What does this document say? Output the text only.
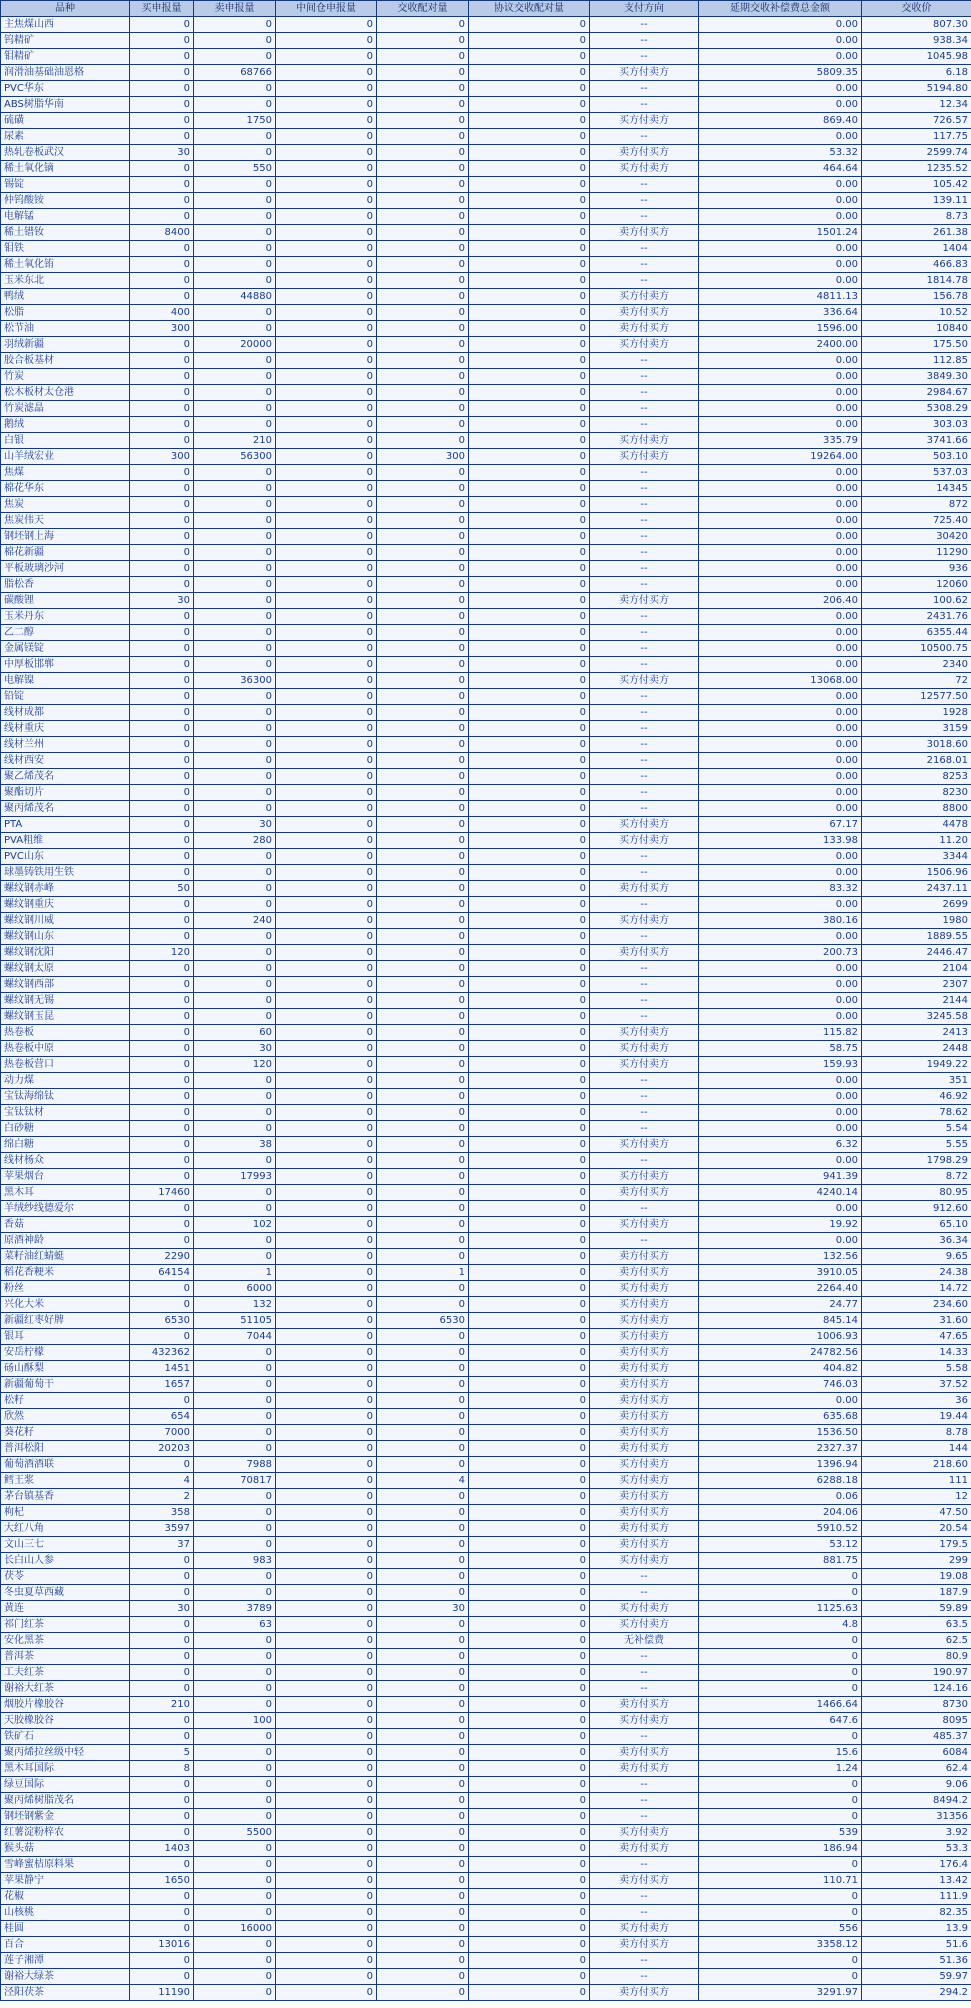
品种	买申报量	卖申报量	中间仓申报量	交收配对量	协议交收配对量	支付方向	延期交收补偿费总金额	交收价
主焦煤山西	0	0	0	0	0	--	0.00	807.30
钨精矿	0	0	0	0	0	--	0.00	938.34
钼精矿	0	0	0	0	0	--	0.00	1045.98
润滑油基础油恩格	0	68766	0	0	0	买方付卖方	5809.35	6.18
PVC华东	0	0	0	0	0	--	0.00	5194.80
ABS树脂华南	0	0	0	0	0	--	0.00	12.34
硫磺	0	1750	0	0	0	买方付卖方	869.40	726.57
尿素	0	0	0	0	0	--	0.00	117.75
热轧卷板武汉	30	0	0	0	0	卖方付买方	53.32	2599.74
稀土氧化镝	0	550	0	0	0	买方付卖方	464.64	1235.52
锡锭	0	0	0	0	0	--	0.00	105.42
仲钨酸铵	0	0	0	0	0	--	0.00	139.11
电解锰	0	0	0	0	0	--	0.00	8.73
稀土镨钕	8400	0	0	0	0	卖方付买方	1501.24	261.38
钼铁	0	0	0	0	0	--	0.00	1404
稀土氧化铕	0	0	0	0	0	--	0.00	466.83
玉米东北	0	0	0	0	0	--	0.00	1814.78
鸭绒	0	44880	0	0	0	买方付卖方	4811.13	156.78
松脂	400	0	0	0	0	卖方付买方	336.64	10.52
松节油	300	0	0	0	0	卖方付买方	1596.00	10840
羽绒新疆	0	20000	0	0	0	买方付卖方	2400.00	175.50
胶合板基材	0	0	0	0	0	--	0.00	112.85
竹炭	0	0	0	0	0	--	0.00	3849.30
松木板材太仓港	0	0	0	0	0	--	0.00	2984.67
竹炭滤晶	0	0	0	0	0	--	0.00	5308.29
鹅绒	0	0	0	0	0	--	0.00	303.03
白银	0	210	0	0	0	买方付卖方	335.79	3741.66
山羊绒宏业	300	56300	0	300	0	买方付卖方	19264.00	503.10
焦煤	0	0	0	0	0	--	0.00	537.03
棉花华东	0	0	0	0	0	--	0.00	14345
焦炭	0	0	0	0	0	--	0.00	872
焦炭伟天	0	0	0	0	0	--	0.00	725.40
钢坯钢上海	0	0	0	0	0	--	0.00	30420
棉花新疆	0	0	0	0	0	--	0.00	11290
平板玻璃沙河	0	0	0	0	0	--	0.00	936
脂松香	0	0	0	0	0	--	0.00	12060
碳酸锂	30	0	0	0	0	卖方付买方	206.40	100.62
玉米丹东	0	0	0	0	0	--	0.00	2431.76
乙二醇	0	0	0	0	0	--	0.00	6355.44
金属镁锭	0	0	0	0	0	--	0.00	10500.75
中厚板邯郸	0	0	0	0	0	--	0.00	2340
电解镍	0	36300	0	0	0	买方付卖方	13068.00	72
铅锭	0	0	0	0	0	--	0.00	12577.50
线材成都	0	0	0	0	0	--	0.00	1928
线材重庆	0	0	0	0	0	--	0.00	3159
线材兰州	0	0	0	0	0	--	0.00	3018.60
线材西安	0	0	0	0	0	--	0.00	2168.01
聚乙烯茂名	0	0	0	0	0	--	0.00	8253
聚酯切片	0	0	0	0	0	--	0.00	8230
聚丙烯茂名	0	0	0	0	0	--	0.00	8800
PTA	0	30	0	0	0	买方付卖方	67.17	4478
PVA粗维	0	280	0	0	0	买方付卖方	133.98	11.20
PVC山东	0	0	0	0	0	--	0.00	3344
球墨铸铁用生铁	0	0	0	0	0	--	0.00	1506.96
螺纹钢赤峰	50	0	0	0	0	卖方付买方	83.32	2437.11
螺纹钢重庆	0	0	0	0	0	--	0.00	2699
螺纹钢川威	0	240	0	0	0	买方付卖方	380.16	1980
螺纹钢山东	0	0	0	0	0	--	0.00	1889.55
螺纹钢沈阳	120	0	0	0	0	卖方付买方	200.73	2446.47
螺纹钢太原	0	0	0	0	0	--	0.00	2104
螺纹钢西部	0	0	0	0	0	--	0.00	2307
螺纹钢无锡	0	0	0	0	0	--	0.00	2144
螺纹钢玉昆	0	0	0	0	0	--	0.00	3245.58
热卷板	0	60	0	0	0	买方付卖方	115.82	2413
热卷板中原	0	30	0	0	0	买方付卖方	58.75	2448
热卷板营口	0	120	0	0	0	买方付卖方	159.93	1949.22
动力煤	0	0	0	0	0	--	0.00	351
宝钛海绵钛	0	0	0	0	0	--	0.00	46.92
宝钛钛材	0	0	0	0	0	--	0.00	78.62
白砂糖	0	0	0	0	0	--	0.00	5.54
绵白糖	0	38	0	0	0	买方付卖方	6.32	5.55
线材杨众	0	0	0	0	0	--	0.00	1798.29
苹果烟台	0	17993	0	0	0	买方付卖方	941.39	8.72
黑木耳	17460	0	0	0	0	卖方付买方	4240.14	80.95
羊绒纱线德爱尔	0	0	0	0	0	--	0.00	912.60
香菇	0	102	0	0	0	买方付卖方	19.92	65.10
原酒神龄	0	0	0	0	0	--	0.00	36.34
菜籽油红蜻蜓	2290	0	0	0	0	卖方付买方	132.56	9.65
稻花香粳米	64154	1	0	1	0	卖方付买方	3910.05	24.38
粉丝	0	6000	0	0	0	买方付卖方	2264.40	14.72
兴化大米	0	132	0	0	0	买方付卖方	24.77	234.60
新疆红枣好牌	6530	51105	0	6530	0	买方付卖方	845.14	31.60
银耳	0	7044	0	0	0	买方付卖方	1006.93	47.65
安岳柠檬	432362	0	0	0	0	卖方付买方	24782.56	14.33
砀山酥梨	1451	0	0	0	0	卖方付买方	404.82	5.58
新疆葡萄干	1657	0	0	0	0	卖方付买方	746.03	37.52
松籽	0	0	0	0	0	卖方付买方	0.00	36
欣然	654	0	0	0	0	卖方付买方	635.68	19.44
葵花籽	7000	0	0	0	0	卖方付买方	1536.50	8.78
普洱松阳	20203	0	0	0	0	卖方付买方	2327.37	144
葡萄酒酒联	0	7988	0	0	0	买方付卖方	1396.94	218.60
鳕王浆	4	70817	0	4	0	买方付卖方	6288.18	111
茅台镇基香	2	0	0	0	0	卖方付买方	0.06	12
枸杞	358	0	0	0	0	卖方付买方	204.06	47.50
大红八角	3597	0	0	0	0	卖方付买方	5910.52	20.54
文山三七	37	0	0	0	0	卖方付买方	53.12	179.5
长白山人参	0	983	0	0	0	买方付卖方	881.75	299
茯苓	0	0	0	0	0	--	0	19.08
冬虫夏草西藏	0	0	0	0	0	--	0	187.9
黄连	30	3789	0	30	0	买方付卖方	1125.63	59.89
祁门红茶	0	63	0	0	0	买方付卖方	4.8	63.5
安化黑茶	0	0	0	0	0	无补偿费	0	62.5
普洱茶	0	0	0	0	0	--	0	80.9
工夫红茶	0	0	0	0	0	--	0	190.97
谢裕大红茶	0	0	0	0	0	--	0	124.16
烟胶片橡胶谷	210	0	0	0	0	卖方付买方	1466.64	8730
天胶橡胶谷	0	100	0	0	0	买方付卖方	647.6	8095
铁矿石	0	0	0	0	0	--	0	485.37
聚丙烯拉丝级中轻	5	0	0	0	0	卖方付买方	15.6	6084
黑木耳国际	8	0	0	0	0	卖方付买方	1.24	62.4
绿豆国际	0	0	0	0	0	--	0	9.06
聚丙烯树脂茂名	0	0	0	0	0	--	0	8494.2
钢坯钢紫金	0	0	0	0	0	--	0	31356
红薯淀粉梓农	0	5500	0	0	0	买方付卖方	539	3.92
猴头菇	1403	0	0	0	0	卖方付买方	186.94	53.3
雪峰蜜桔原料果	0	0	0	0	0	--	0	176.4
苹果静宁	1650	0	0	0	0	卖方付买方	110.71	13.42
花椒	0	0	0	0	0	--	0	111.9
山核桃	0	0	0	0	0	--	0	82.35
桂圆	0	16000	0	0	0	买方付卖方	556	13.9
百合	13016	0	0	0	0	卖方付买方	3358.12	51.6
莲子湘潭	0	0	0	0	0	--	0	51.36
谢裕大绿茶	0	0	0	0	0	--	0	59.97
泾阳茯茶	11190	0	0	0	0	卖方付买方	3291.97	294.2
